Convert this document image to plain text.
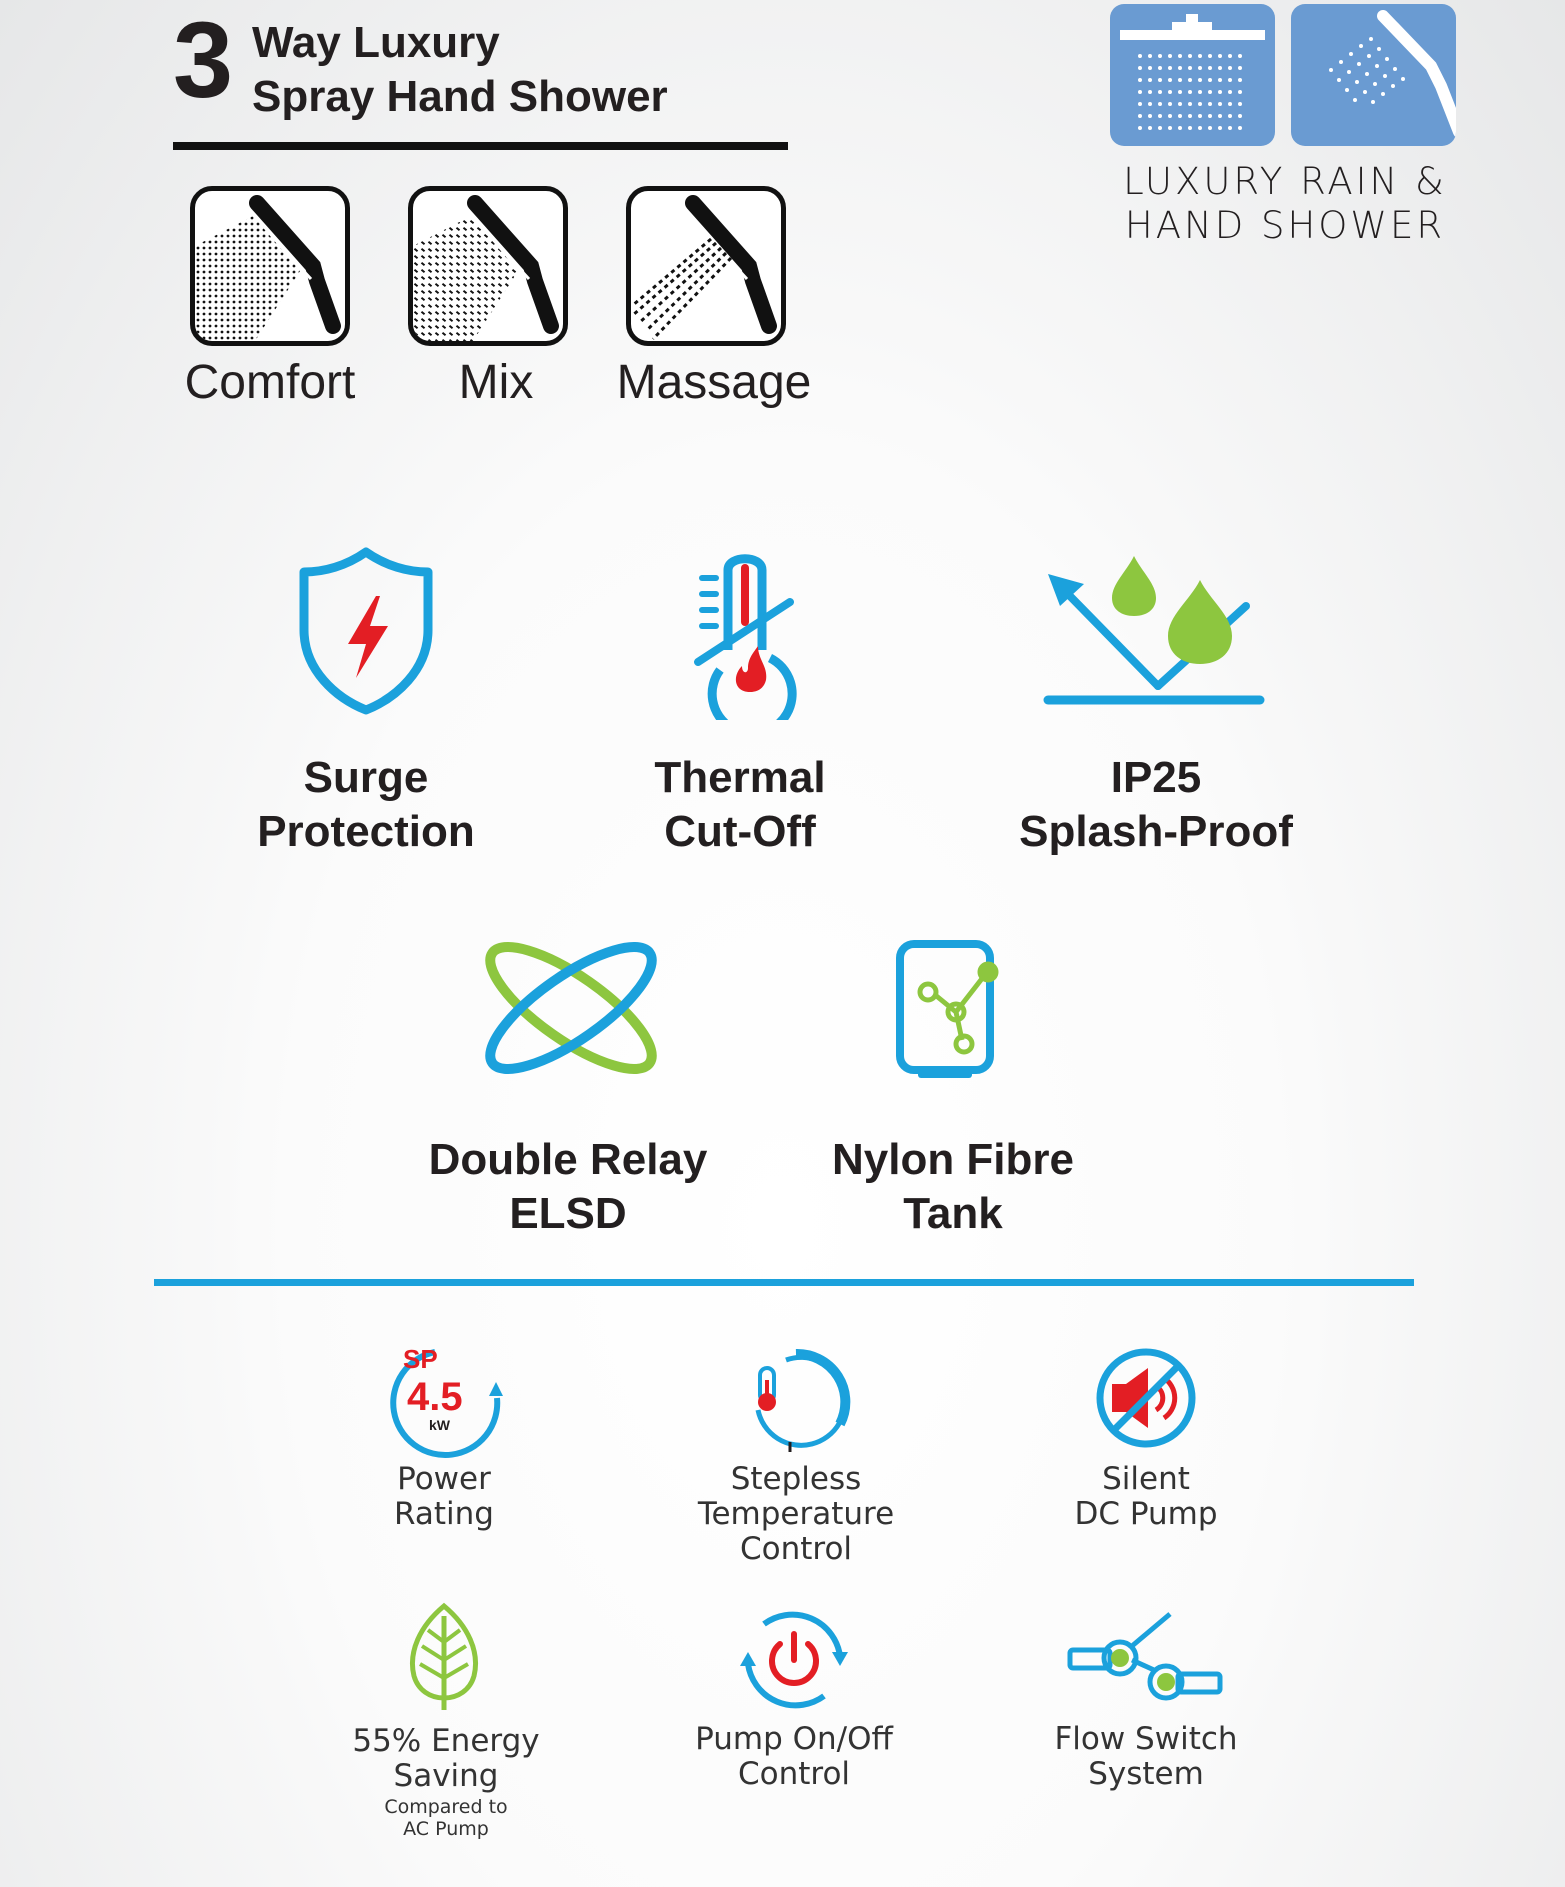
3 Way Luxury
Spray Hand Shower
Comfort	Mix	Massage
LUXURY RAIN &
HAND SHOWER
Surge
Protection
Thermal
Cut-Off
IP25
Splash-Proof
Double Relay
ELSD
Nylon Fibre
Tank
SP
4.5
kW
Power
Rating
Stepless
Temperature
Control
Silent
DC Pump
55% Energy
Saving
Compared to
AC Pump
Pump On/Off
Control
Flow Switch
System
